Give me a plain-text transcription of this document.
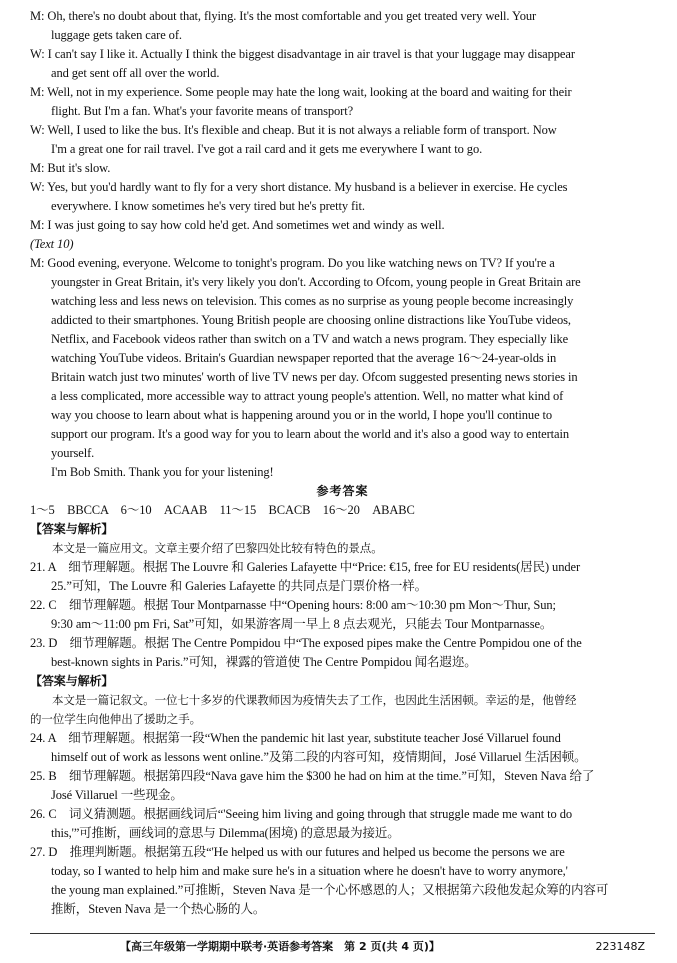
M: Oh, there's no doubt about that, flying. It's the most comfortable and you get treated very well. Your
luggage gets taken care of.
W: I can't say I like it. Actually I think the biggest disadvantage in air travel is that your luggage may disappear
and get sent off all over the world.
M: Well, not in my experience. Some people may hate the long wait, looking at the board and waiting for their
flight. But I'm a fan. What's your favorite means of transport?
W: Well, I used to like the bus. It's flexible and cheap. But it is not always a reliable form of transport. Now
I'm a great one for rail travel. I've got a rail card and it gets me everywhere I want to go.
M: But it's slow.
W: Yes, but you'd hardly want to fly for a very short distance. My husband is a believer in exercise. He cycles
everywhere. I know sometimes he's very tired but he's pretty fit.
M: I was just going to say how cold he'd get. And sometimes wet and windy as well.
(Text 10)
M: Good evening, everyone. Welcome to tonight's program. Do you like watching news on TV? If you're a
youngster in Great Britain, it's very likely you don't. According to Ofcom, young people in Great Britain are
watching less and less news on television. This comes as no surprise as young people become increasingly
addicted to their smartphones. Young British people are choosing online distractions like YouTube videos,
Netflix, and Facebook videos rather than switch on a TV and watch a news program. They especially like
watching YouTube videos. Britain's Guardian newspaper reported that the average 16～24-year-olds in
Britain watch just two minutes' worth of live TV news per day. Ofcom suggested presenting news stories in
a less complicated, more accessible way to attract young people's attention. Well, no matter what kind of
way you choose to learn about what is happening around you or in the world, I hope you'll continue to
support our program. It's a good way for you to learn about the world and it's also a good way to entertain
yourself.
I'm Bob Smith. Thank you for your listening!
参考答案
1～5　BBCCA　6～10　ACAAB　11～15　BCACB　16～20　ABABC
【答案与解析】
本文是一篇应用文。文章主要介绍了巴黎四处比较有特色的景点。
21. A　细节理解题。根据 The Louvre 和 Galeries Lafayette 中“Price: €15, free for EU residents(居民) under
25.”可知，The Louvre 和 Galeries Lafayette 的共同点是门票价格一样。
22. C　细节理解题。根据 Tour Montparnasse 中“Opening hours: 8:00 am～10:30 pm Mon～Thur, Sun;
9:30 am～11:00 pm Fri, Sat”可知，如果游客周一早上 8 点去观光，只能去 Tour Montparnasse。
23. D　细节理解题。根据 The Centre Pompidou 中“The exposed pipes make the Centre Pompidou one of the
best-known sights in Paris.”可知，裸露的管道使 The Centre Pompidou 闻名遐迩。
【答案与解析】
本文是一篇记叙文。一位七十多岁的代课教师因为疫情失去了工作，也因此生活困顿。幸运的是，他曾经
的一位学生向他伸出了援助之手。
24. A　细节理解题。根据第一段“When the pandemic hit last year, substitute teacher José Villaruel found
himself out of work as lessons went online.”及第二段的内容可知，疫情期间，José Villaruel 生活困顿。
25. B　细节理解题。根据第四段“Nava gave him the $300 he had on him at the time.”可知，Steven Nava 给了
José Villaruel 一些现金。
26. C　词义猜测题。根据画线词后“'Seeing him living and going through that struggle made me want to do
this,'”可推断，画线词的意思与 Dilemma(困境) 的意思最为接近。
27. D　推理判断题。根据第五段“'He helped us with our futures and helped us become the persons we are
today, so I wanted to help him and make sure he's in a situation where he doesn't have to worry anymore,'
the young man explained.”可推断，Steven Nava 是一个心怀感恩的人；又根据第六段他发起众筹的内容可
推断，Steven Nava 是一个热心肠的人。
【高三年级第一学期期中联考·英语参考答案　第 2 页(共 4 页)】	223148Z
